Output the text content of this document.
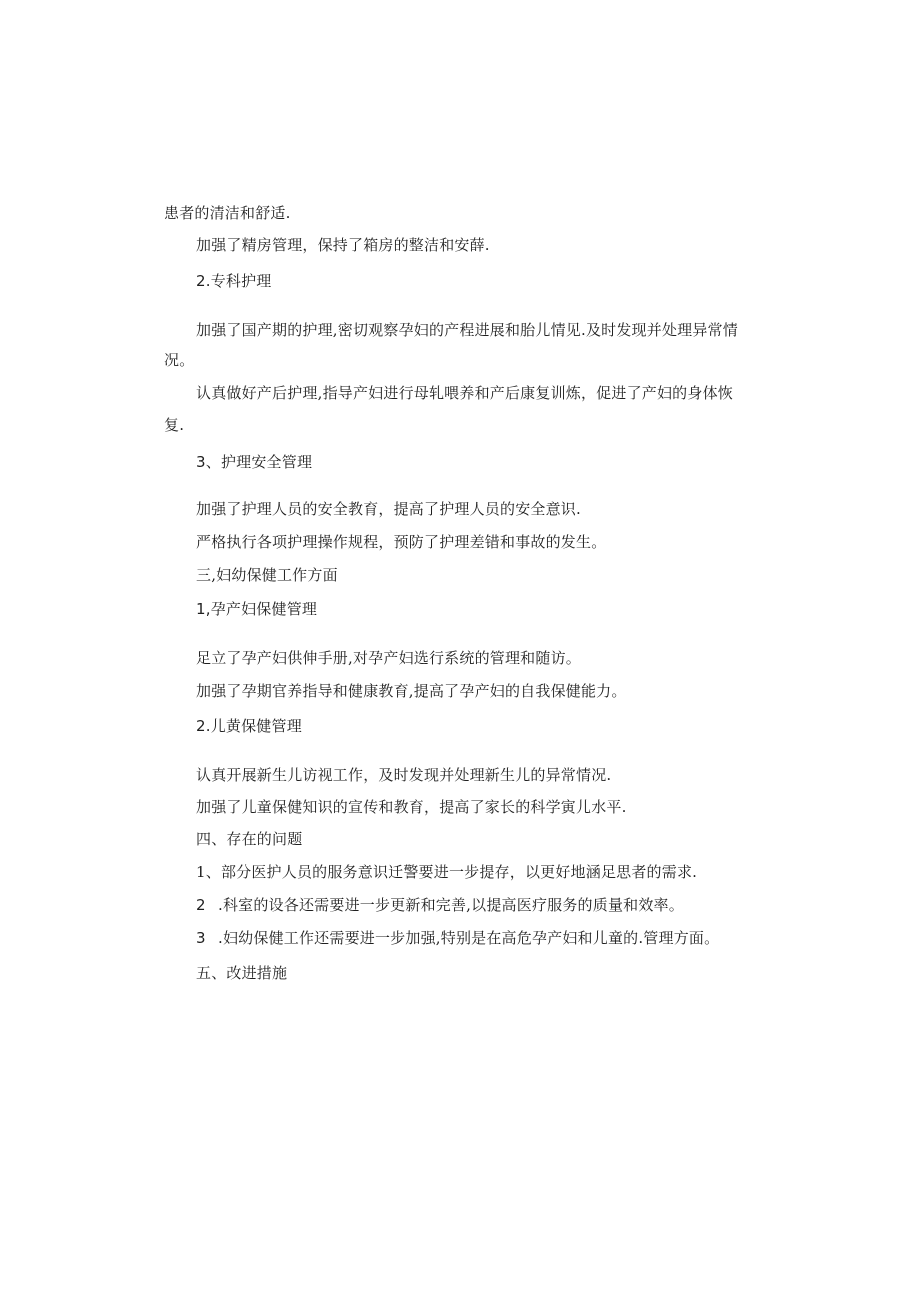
患者的清洁和舒适.
加强了精房管理，保持了箱房的整洁和安薛.
2.专科护理
加强了国产期的护理,密切观察孕妇的产程进展和胎儿情见.及时发现并处理异常情
况。
认真做好产后护理,指导产妇进行母轧喂养和产后康复训炼，促进了产妇的身体恢
复.
3、护理安全管理
加强了护理人员的安全教育，提高了护理人员的安全意识.
严格执行各项护理操作规程，预防了护理差错和事故的发生。
三,妇幼保健工作方面
1,孕产妇保健管理
足立了孕产妇供伸手册,对孕产妇选行系统的管理和随访。
加强了孕期官养指导和健康教育,提高了孕产妇的自我保健能力。
2.儿黄保健管理
认真开展新生儿访视工作，及时发现并处理新生儿的异常情况.
加强了儿童保健知识的宣传和教育，提高了家长的科学寅儿水平.
四、存在的问题
1、部分医护人员的服务意识迁警要进一步提存，以更好地涵足思者的需求.
2 .科室的设各还需要进一步更新和完善,以提高医疗服务的质量和效率。
3 .妇幼保健工作还需要进一步加强,特别是在高危孕产妇和儿童的.管理方面。
五、改进措施
